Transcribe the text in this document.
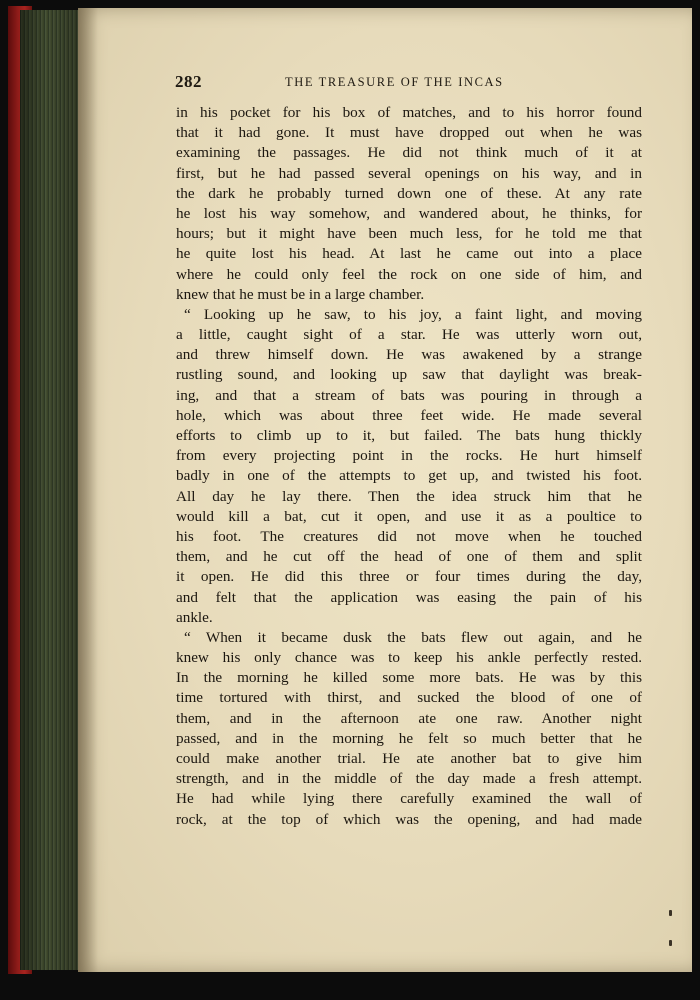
282	THE TREASURE OF THE INCAS
in his pocket for his box of matches, and to his horror found
that it had gone. It must have dropped out when he was
examining the passages. He did not think much of it at
first, but he had passed several openings on his way, and in
the dark he probably turned down one of these. At any rate
he lost his way somehow, and wandered about, he thinks, for
hours; but it might have been much less, for he told me that
he quite lost his head. At last he came out into a place
where he could only feel the rock on one side of him, and
knew that he must be in a large chamber.
“ Looking up he saw, to his joy, a faint light, and moving
a little, caught sight of a star. He was utterly worn out,
and threw himself down. He was awakened by a strange
rustling sound, and looking up saw that daylight was break-
ing, and that a stream of bats was pouring in through a
hole, which was about three feet wide. He made several
efforts to climb up to it, but failed. The bats hung thickly
from every projecting point in the rocks. He hurt himself
badly in one of the attempts to get up, and twisted his foot.
All day he lay there. Then the idea struck him that he
would kill a bat, cut it open, and use it as a poultice to
his foot. The creatures did not move when he touched
them, and he cut off the head of one of them and split
it open. He did this three or four times during the day,
and felt that the application was easing the pain of his
ankle.
“ When it became dusk the bats flew out again, and he
knew his only chance was to keep his ankle perfectly rested.
In the morning he killed some more bats. He was by this
time tortured with thirst, and sucked the blood of one of
them, and in the afternoon ate one raw. Another night
passed, and in the morning he felt so much better that he
could make another trial. He ate another bat to give him
strength, and in the middle of the day made a fresh attempt.
He had while lying there carefully examined the wall of
rock, at the top of which was the opening, and had made
